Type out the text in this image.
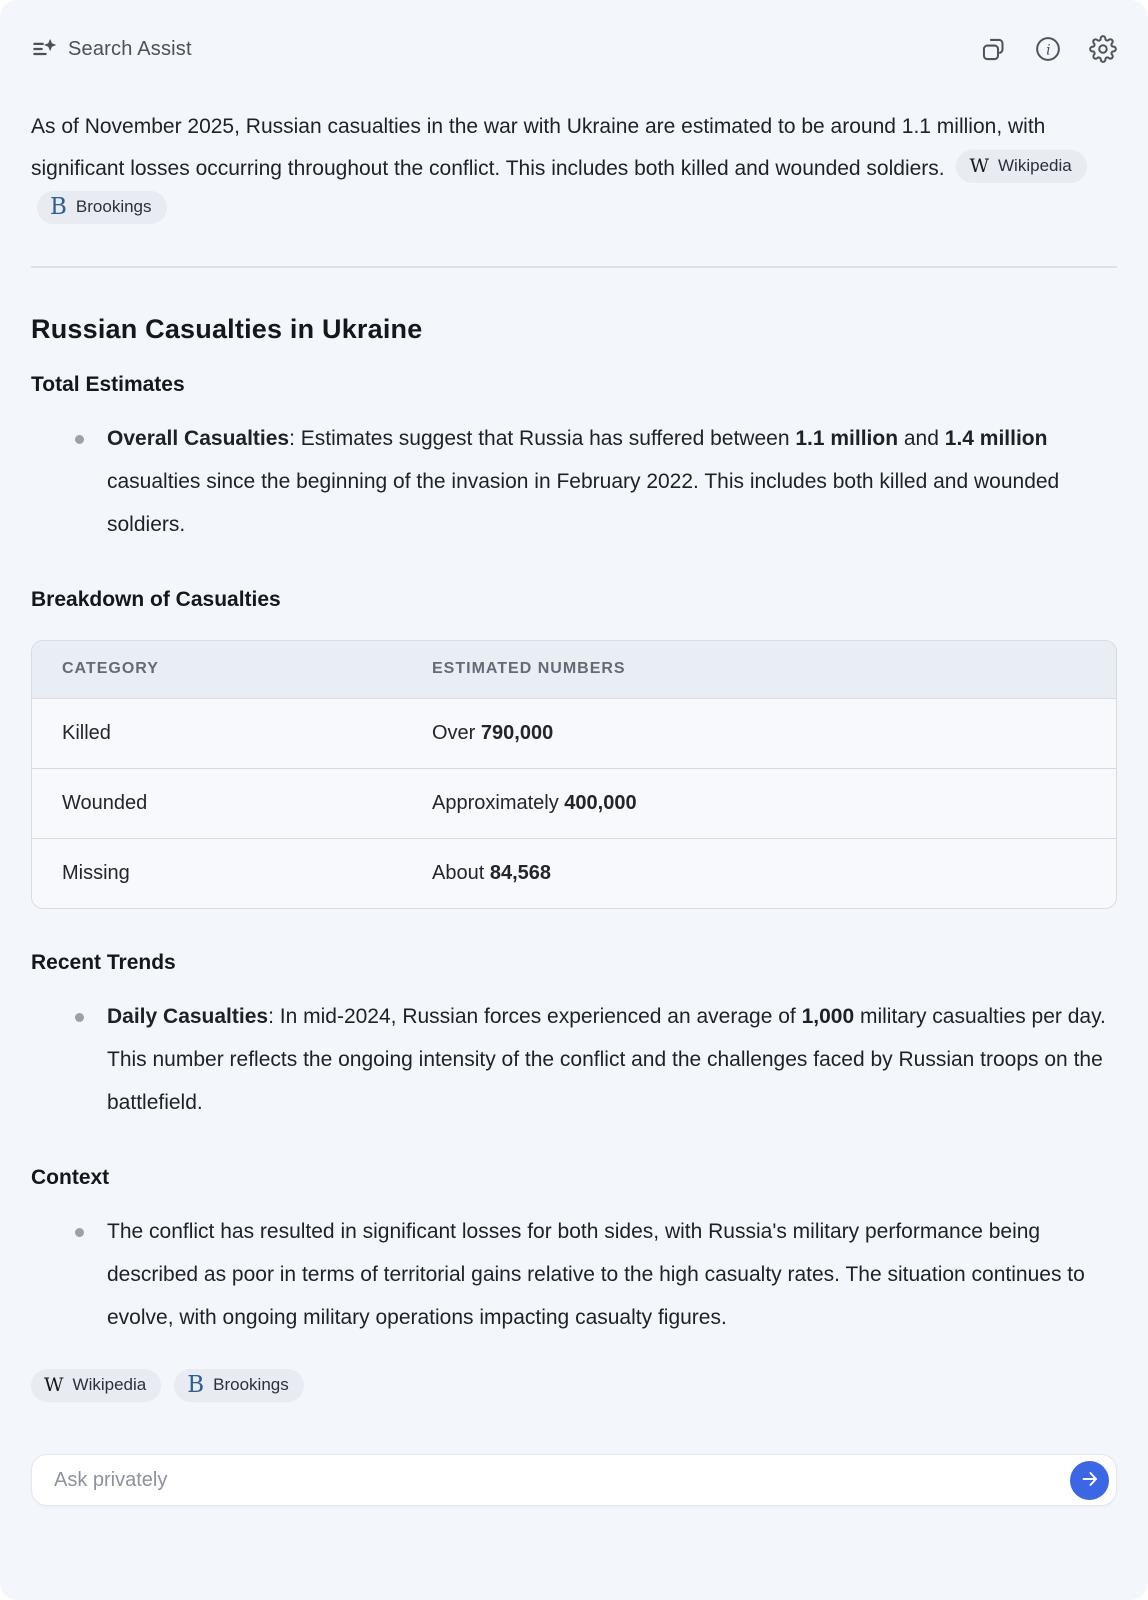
Search Assist	i
As of November 2025, Russian casualties in the war with Ukraine are estimated to be around 1.1 million, with significant losses occurring throughout the conflict. This includes both killed and wounded soldiers. W Wikipedia

B Brookings
Russian Casualties in Ukraine
Total Estimates
Overall Casualties: Estimates suggest that Russia has suffered between 1.1 million and 1.4 million casualties since the beginning of the invasion in February 2022. This includes both killed and wounded soldiers.
Breakdown of Casualties
CATEGORY	ESTIMATED NUMBERS
Killed	Over 790,000
Wounded	Approximately 400,000
Missing	About 84,568
Recent Trends
Daily Casualties: In mid-2024, Russian forces experienced an average of 1,000 military casualties per day. This number reflects the ongoing intensity of the conflict and the challenges faced by Russian troops on the battlefield.
Context
The conflict has resulted in significant losses for both sides, with Russia's military performance being described as poor in terms of territorial gains relative to the high casualty rates. The situation continues to evolve, with ongoing military operations impacting casualty figures.
W Wikipedia B Brookings
Ask privately
